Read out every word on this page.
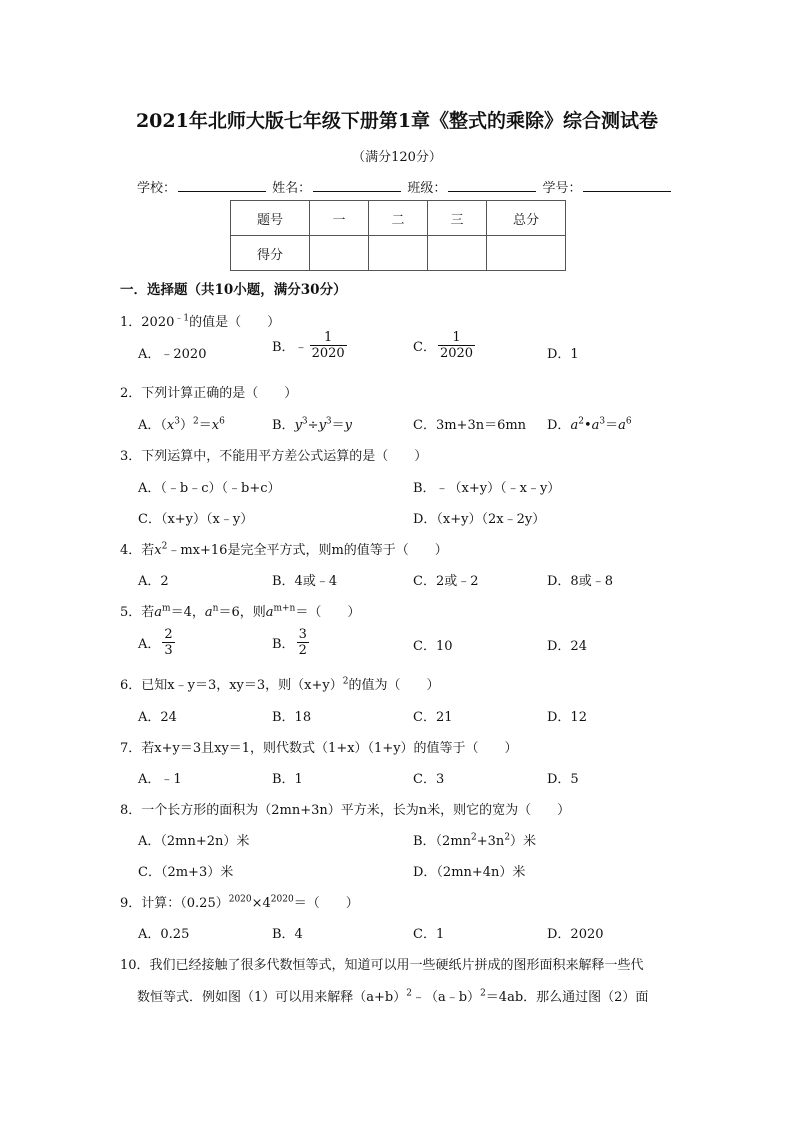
2021年北师大版七年级下册第1章《整式的乘除》综合测试卷
（满分120分）
学校：	姓名：	班级：	学号：
题号	一	二	三	总分
得分				
一．选择题（共10小题，满分30分）
1．$2020^{﹣1}$的值是（　　）
A．﹣2020	B．﹣ $\frac{1}{2020}$	C． $\frac{1}{2020}$	D．1
2．下列计算正确的是（　　）
A．$(x^3)^2=x^6$	B．$y^3\div y^3=y$	C．3m+3n＝6mn D．$a^2•a^3=a^6$
3．下列运算中，不能用平方差公式运算的是（　　）
A．（﹣b﹣c）（﹣b+c）	B．﹣（x+y）（﹣x﹣y）
C．（x+y）（x﹣y）	D．（x+y）（2x﹣2y）
4．若$x^2﹣mx+16$是完全平方式，则m的值等于（　　）
A．2	B．4或﹣4	C．2或﹣2	D．8或﹣8
5．若$a^m=4$，$a^n=6$，则$a^{m+n}=$（　　）
A． $\frac{2}{3}$	B． $\frac{3}{2}$	C．10	D．24
6．已知x﹣y＝3，xy＝3，则$(x+y)^2$的值为（　　）
A．24	B．18	C．21	D．12
7．若x+y＝3且xy＝1，则代数式（1+x）（1+y）的值等于（　　）
A．﹣1	B．1	C．3	D．5
8．一个长方形的面积为（2mn+3n）平方米，长为n米，则它的宽为（　　）
A．（2mn+2n）米	B．$(2mn^2+3n^2)$米
C．（2m+3）米	D．（2mn+4n）米
9．计算：$(0.25)^{2020}\times 4^{2020}=$（　　）
A．0.25	B．4	C．1	D．2020
10．我们已经接触了很多代数恒等式，知道可以用一些硬纸片拼成的图形面积来解释一些代
数恒等式．例如图（1）可以用来解释$(a+b)^2﹣(a﹣b)^2=4ab$．那么通过图（2）面
